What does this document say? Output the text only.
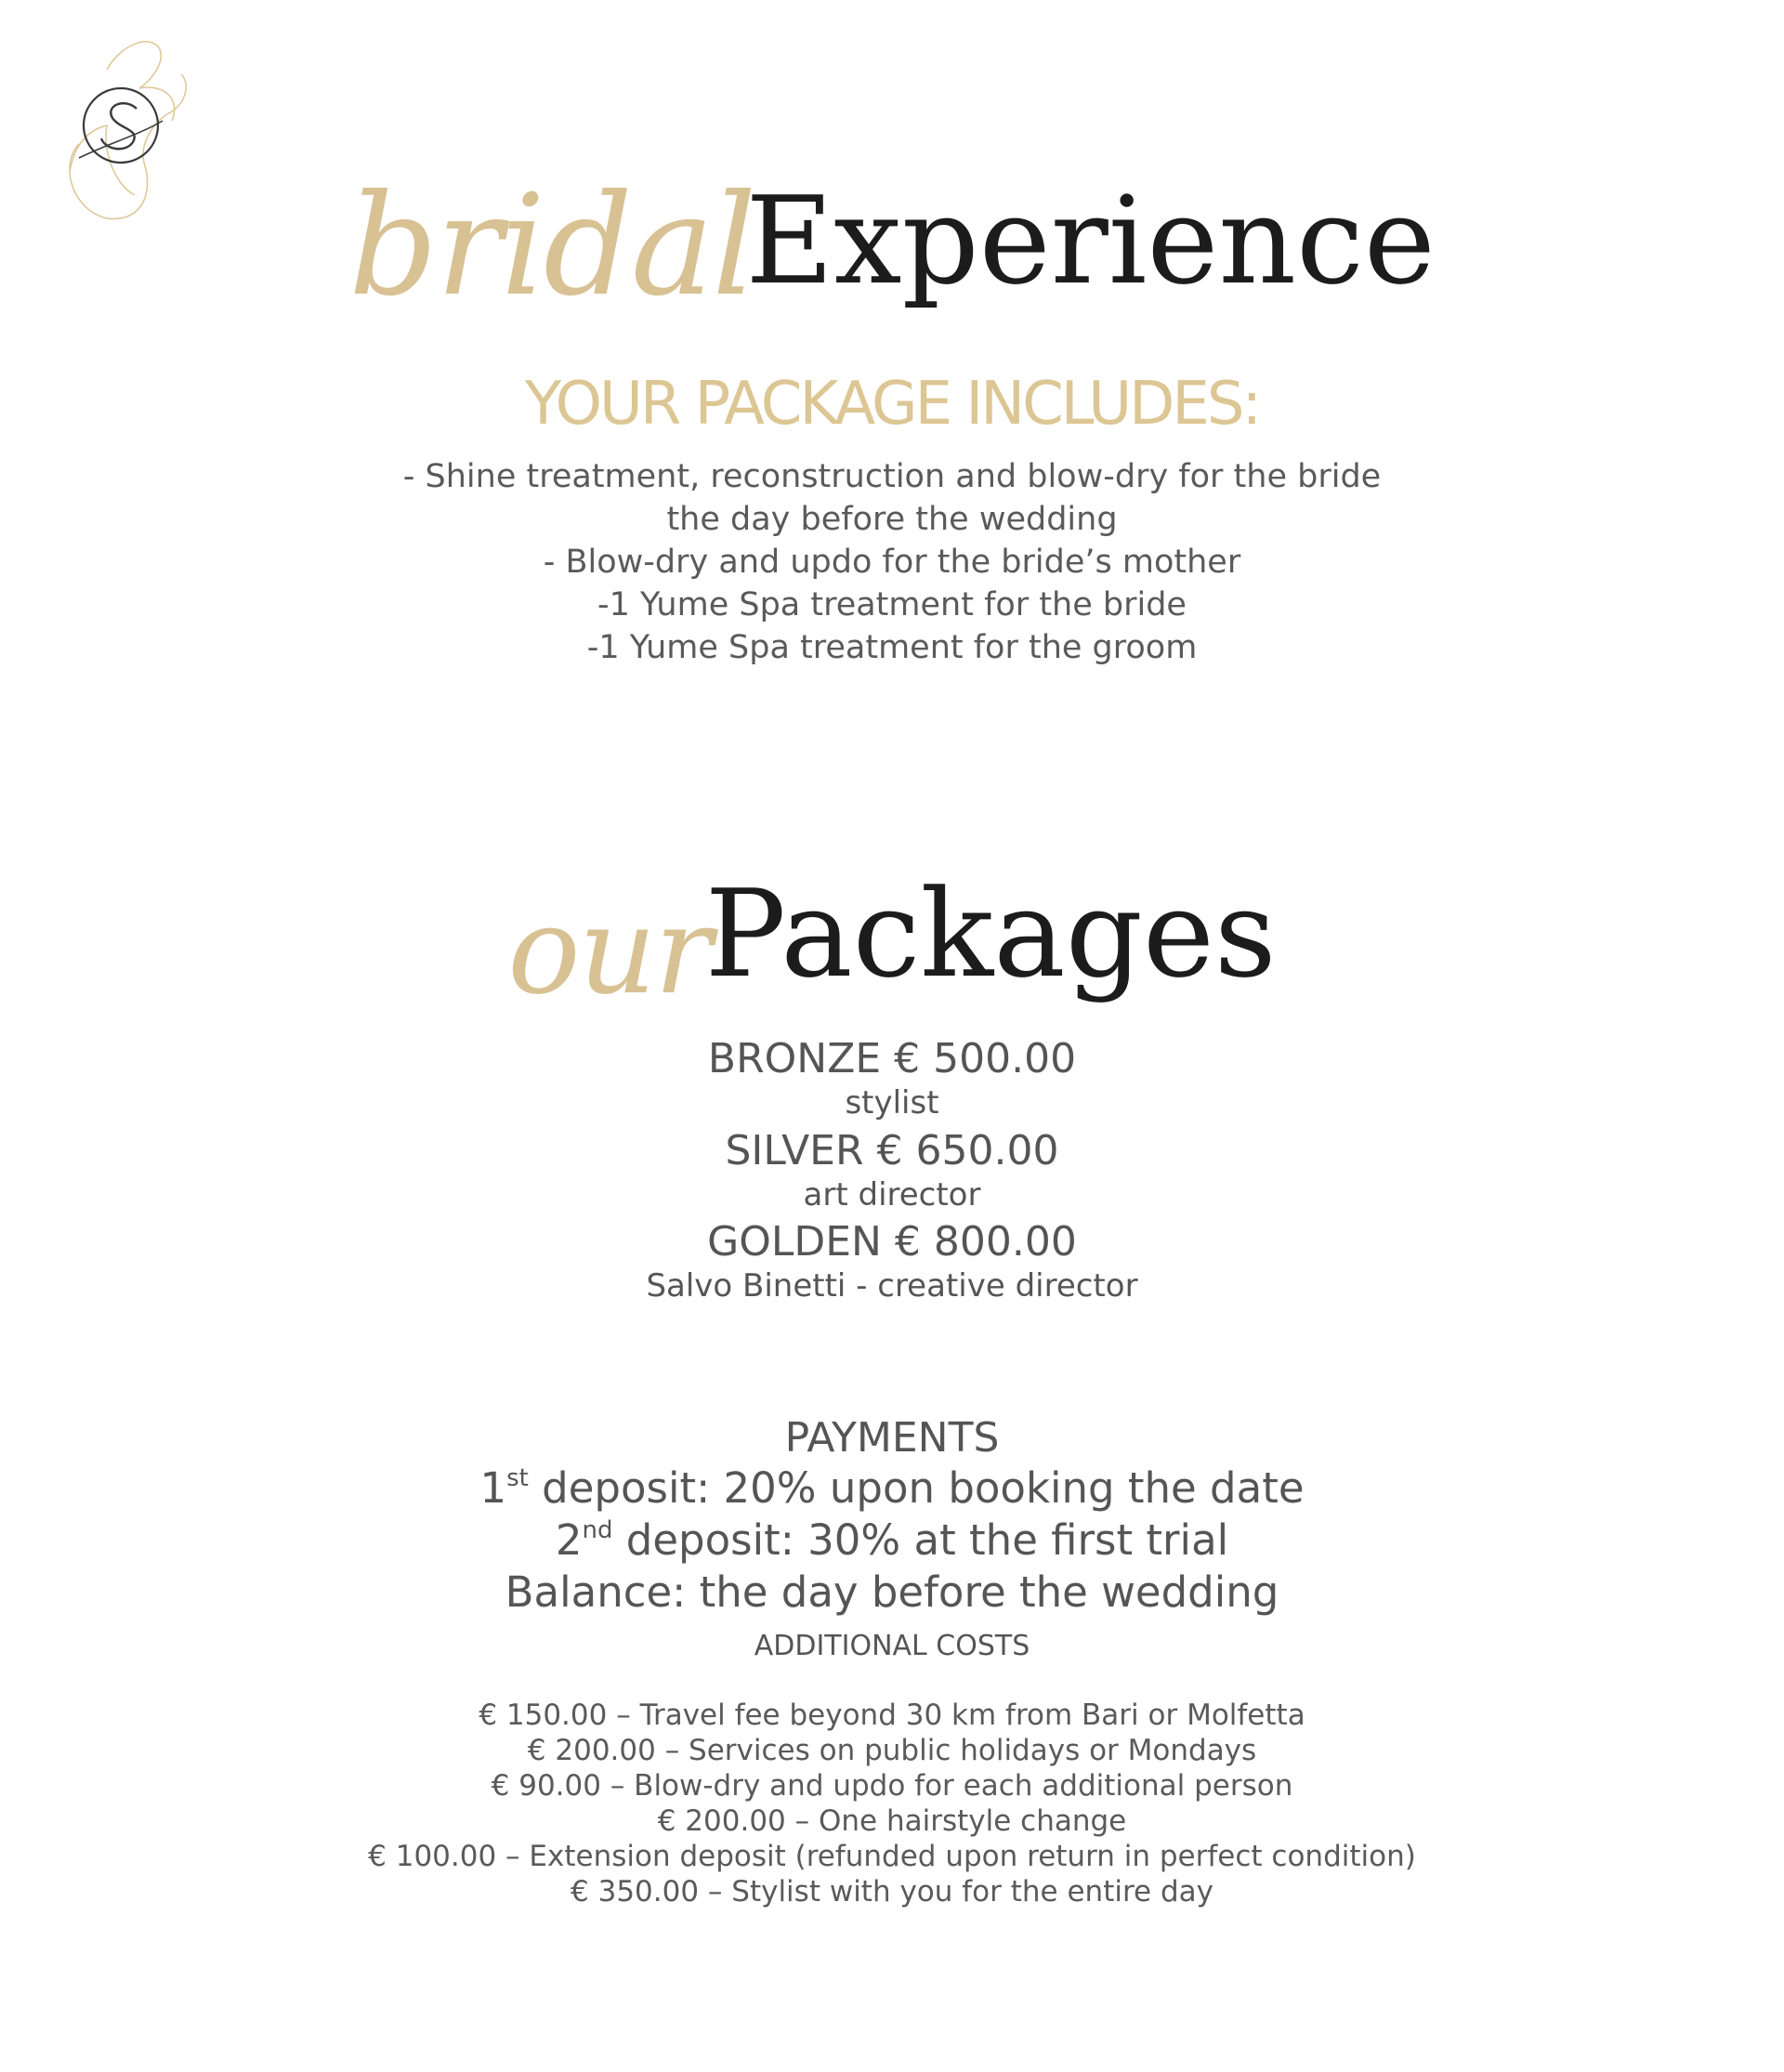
bridalExperience
YOUR PACKAGE INCLUDES:
- Shine treatment, reconstruction and blow-dry for the bride
the day before the wedding
- Blow-dry and updo for the bride’s mother
-1 Yume Spa treatment for the bride
-1 Yume Spa treatment for the groom
ourPackages
BRONZE € 500.00
stylist
SILVER € 650.00
art director
GOLDEN € 800.00
Salvo Binetti - creative director
PAYMENTS
1st deposit: 20% upon booking the date
2nd deposit: 30% at the first trial
Balance: the day before the wedding
ADDITIONAL COSTS
€ 150.00 – Travel fee beyond 30 km from Bari or Molfetta
€ 200.00 – Services on public holidays or Mondays
€ 90.00 – Blow-dry and updo for each additional person
€ 200.00 – One hairstyle change
€ 100.00 – Extension deposit (refunded upon return in perfect condition)
€ 350.00 – Stylist with you for the entire day
